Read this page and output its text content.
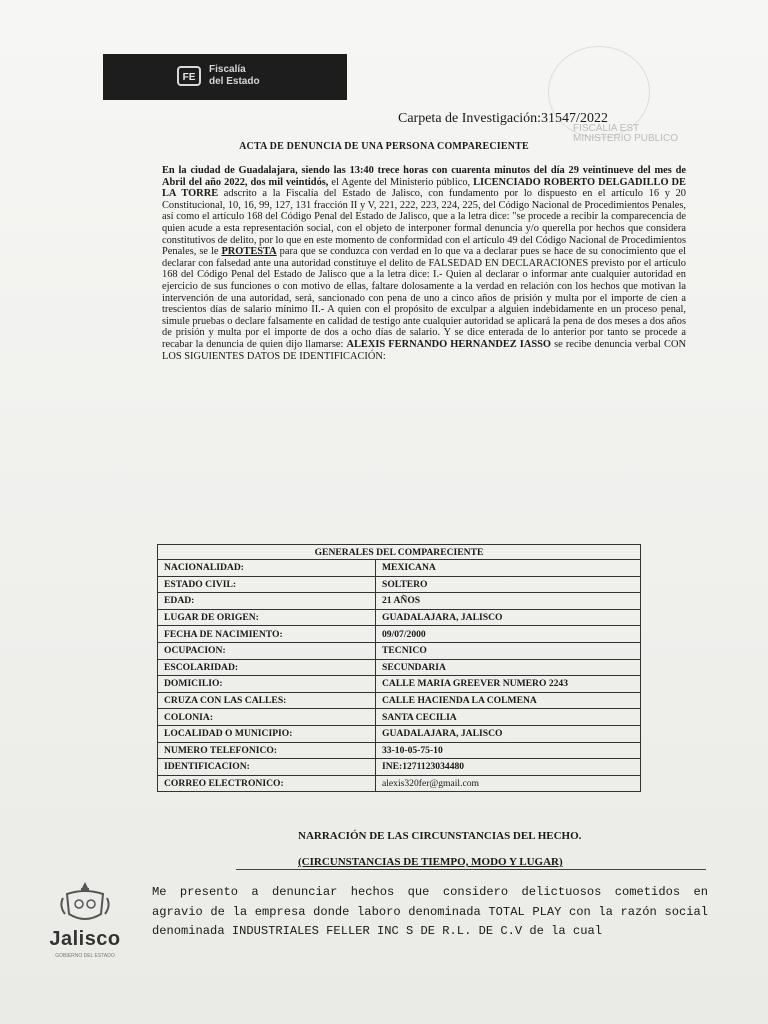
FE
Fiscalía
del Estado
FISCALIA EST
MINISTERIO PUBLICO
Carpeta de Investigación:31547/2022
ACTA DE DENUNCIA DE UNA PERSONA COMPARECIENTE
En la ciudad de Guadalajara, siendo las 13:40 trece horas con cuarenta minutos del día 29 veintinueve del mes de Abril del año 2022, dos mil veintidós, el Agente del Ministerio público, LICENCIADO ROBERTO DELGADILLO DE LA TORRE adscrito a la Fiscalía del Estado de Jalisco, con fundamento por lo dispuesto en el artículo 16 y 20 Constitucional, 10, 16, 99, 127, 131 fracción II y V, 221, 222, 223, 224, 225, del Código Nacional de Procedimientos Penales, así como el artículo 168 del Código Penal del Estado de Jalisco, que a la letra dice: "se procede a recibir la comparecencia de quien acude a esta representación social, con el objeto de interponer formal denuncia y/o querella por hechos que considera constitutivos de delito, por lo que en este momento de conformidad con el artículo 49 del Código Nacional de Procedimientos Penales, se le PROTESTA para que se conduzca con verdad en lo que va a declarar pues se hace de su conocimiento que el declarar con falsedad ante una autoridad constituye el delito de FALSEDAD EN DECLARACIONES previsto por el artículo 168 del Código Penal del Estado de Jalisco que a la letra dice: I.- Quien al declarar o informar ante cualquier autoridad en ejercicio de sus funciones o con motivo de ellas, faltare dolosamente a la verdad en relación con los hechos que motivan la intervención de una autoridad, será, sancionado con pena de uno a cinco años de prisión y multa por el importe de cien a trescientos días de salario mínimo II.- A quien con el propósito de exculpar a alguien indebidamente en un proceso penal, simule pruebas o declare falsamente en calidad de testigo ante cualquier autoridad se aplicará la pena de dos meses a dos años de prisión y multa por el importe de dos a ocho días de salario. Y se dice enterada de lo anterior por tanto se procede a recabar la denuncia de quien dijo llamarse: ALEXIS FERNANDO HERNANDEZ IASSO se recibe denuncia verbal CON LOS SIGUIENTES DATOS DE IDENTIFICACIÓN:
GENERALES DEL COMPARECIENTE	
NACIONALIDAD:	MEXICANA
ESTADO CIVIL:	SOLTERO
EDAD:	21 AÑOS
LUGAR DE ORIGEN:	GUADALAJARA, JALISCO
FECHA DE NACIMIENTO:	09/07/2000
OCUPACION:	TECNICO
ESCOLARIDAD:	SECUNDARIA
DOMICILIO:	CALLE MARIA GREEVER NUMERO 2243
CRUZA CON LAS CALLES:	CALLE HACIENDA LA COLMENA
COLONIA:	SANTA CECILIA
LOCALIDAD O MUNICIPIO:	GUADALAJARA, JALISCO
NUMERO TELEFONICO:	33-10-05-75-10
IDENTIFICACION:	INE:1271123034480
CORREO ELECTRONICO:	alexis320fer@gmail.com
NARRACIÓN DE LAS CIRCUNSTANCIAS DEL HECHO.
(CIRCUNSTANCIAS DE TIEMPO, MODO Y LUGAR)
Me presento a denunciar hechos que considero delictuosos cometidos en agravio de la empresa donde laboro denominada TOTAL PLAY con la razón social denominada INDUSTRIALES FELLER INC S DE R.L. DE C.V de la cual
Jalisco
GOBIERNO DEL ESTADO
